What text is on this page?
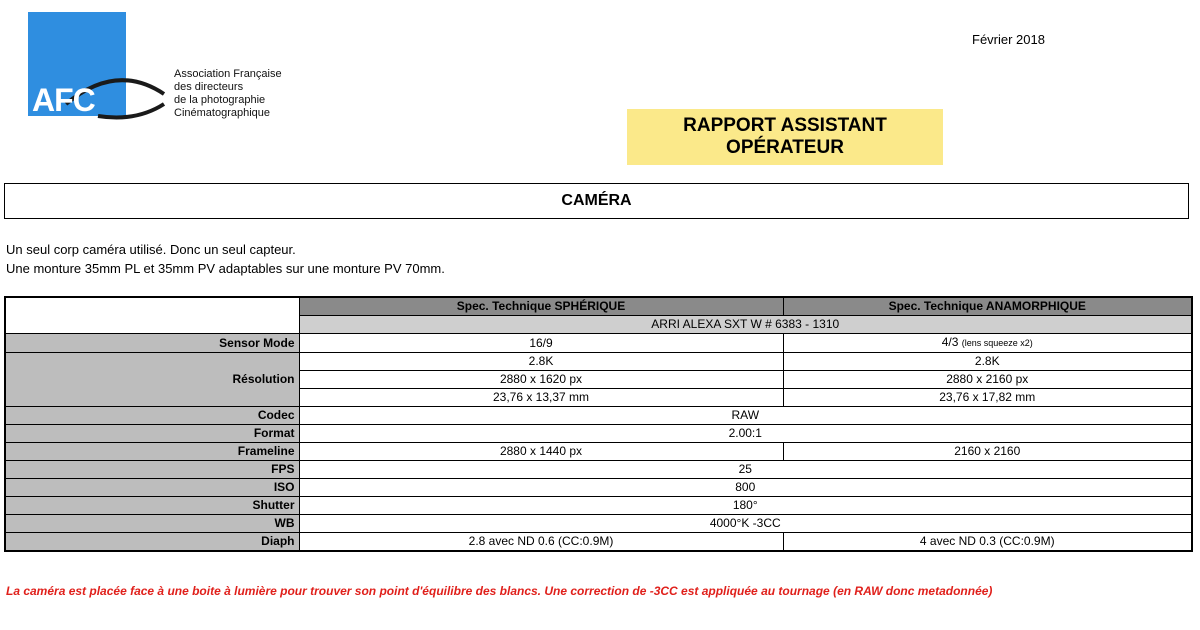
AFC
Association Française
des directeurs
de la photographie
Cinématographique
Février 2018
RAPPORT ASSISTANT
OPÉRATEUR
CAMÉRA
Un seul corp caméra utilisé. Donc un seul capteur.
Une monture 35mm PL et 35mm PV adaptables sur une monture PV 70mm.
	Spec. Technique SPHÉRIQUE	Spec. Technique ANAMORPHIQUE
	ARRI ALEXA SXT W # 6383 - 1310	
Sensor Mode	16/9	4/3 (lens squeeze x2)
Résolution	2.8K	2.8K
	2880 x 1620 px	2880 x 2160 px
	23,76 x 13,37 mm	23,76 x 17,82 mm
Codec	RAW	
Format	2.00:1	
Frameline	2880 x 1440 px	2160 x 2160
FPS	25	
ISO	800	
Shutter	180°	
WB	4000°K -3CC	
Diaph	2.8 avec ND 0.6 (CC:0.9M)	4 avec ND 0.3 (CC:0.9M)
La caméra est placée face à une boite à lumière pour trouver son point d'équilibre des blancs. Une correction de -3CC est appliquée au tournage (en RAW donc metadonnée)
